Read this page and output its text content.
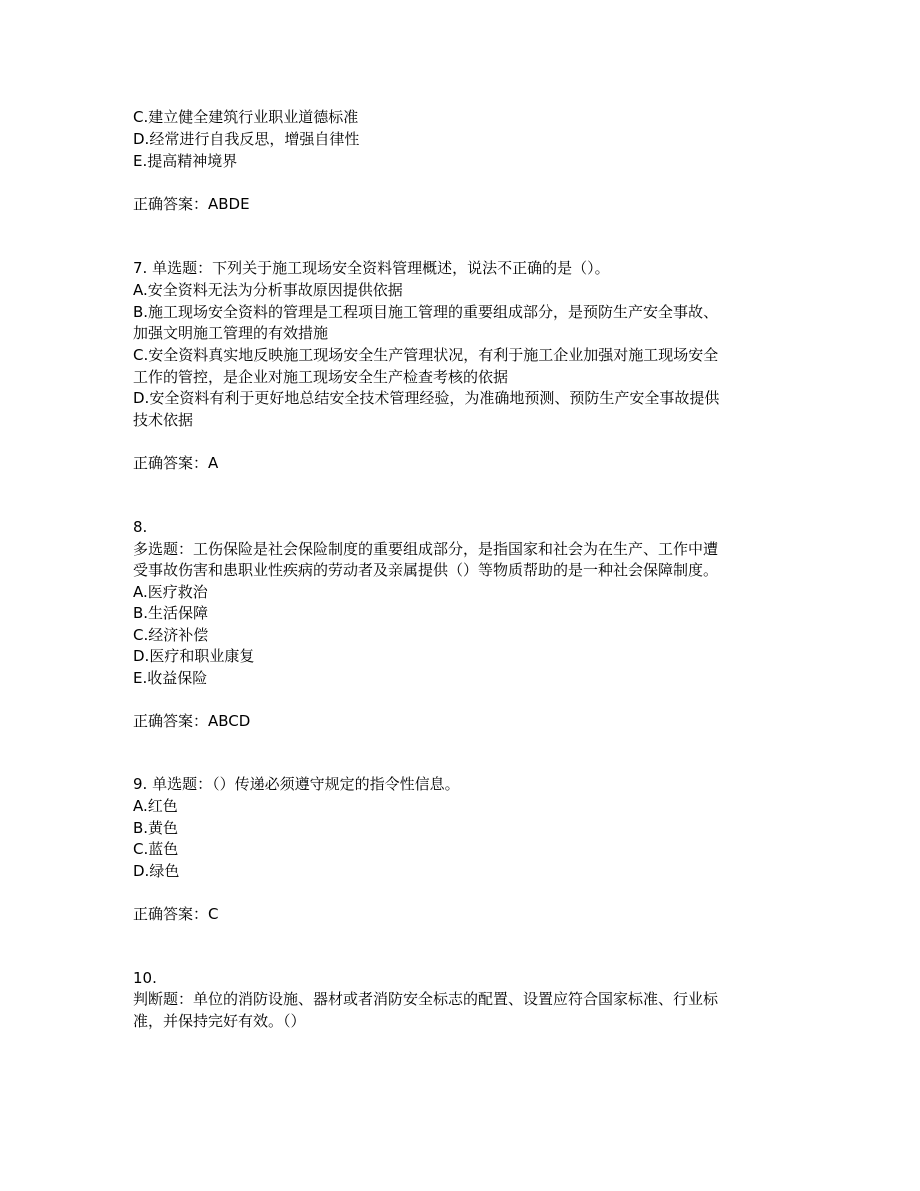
C.建立健全建筑行业职业道德标准
D.经常进行自我反思，增强自律性
E.提高精神境界
正确答案：ABDE
7. 单选题：下列关于施工现场安全资料管理概述，说法不正确的是（）。
A.安全资料无法为分析事故原因提供依据
B.施工现场安全资料的管理是工程项目施工管理的重要组成部分，是预防生产安全事故、
加强文明施工管理的有效措施
C.安全资料真实地反映施工现场安全生产管理状况，有利于施工企业加强对施工现场安全
工作的管控，是企业对施工现场安全生产检查考核的依据
D.安全资料有利于更好地总结安全技术管理经验，为准确地预测、预防生产安全事故提供
技术依据
正确答案：A
8.
多选题：工伤保险是社会保险制度的重要组成部分，是指国家和社会为在生产、工作中遭
受事故伤害和患职业性疾病的劳动者及亲属提供（）等物质帮助的是一种社会保障制度。
A.医疗救治
B.生活保障
C.经济补偿
D.医疗和职业康复
E.收益保险
正确答案：ABCD
9. 单选题：（）传递必须遵守规定的指令性信息。
A.红色
B.黄色
C.蓝色
D.绿色
正确答案：C
10.
判断题：单位的消防设施、器材或者消防安全标志的配置、设置应符合国家标准、行业标
准，并保持完好有效。（）
